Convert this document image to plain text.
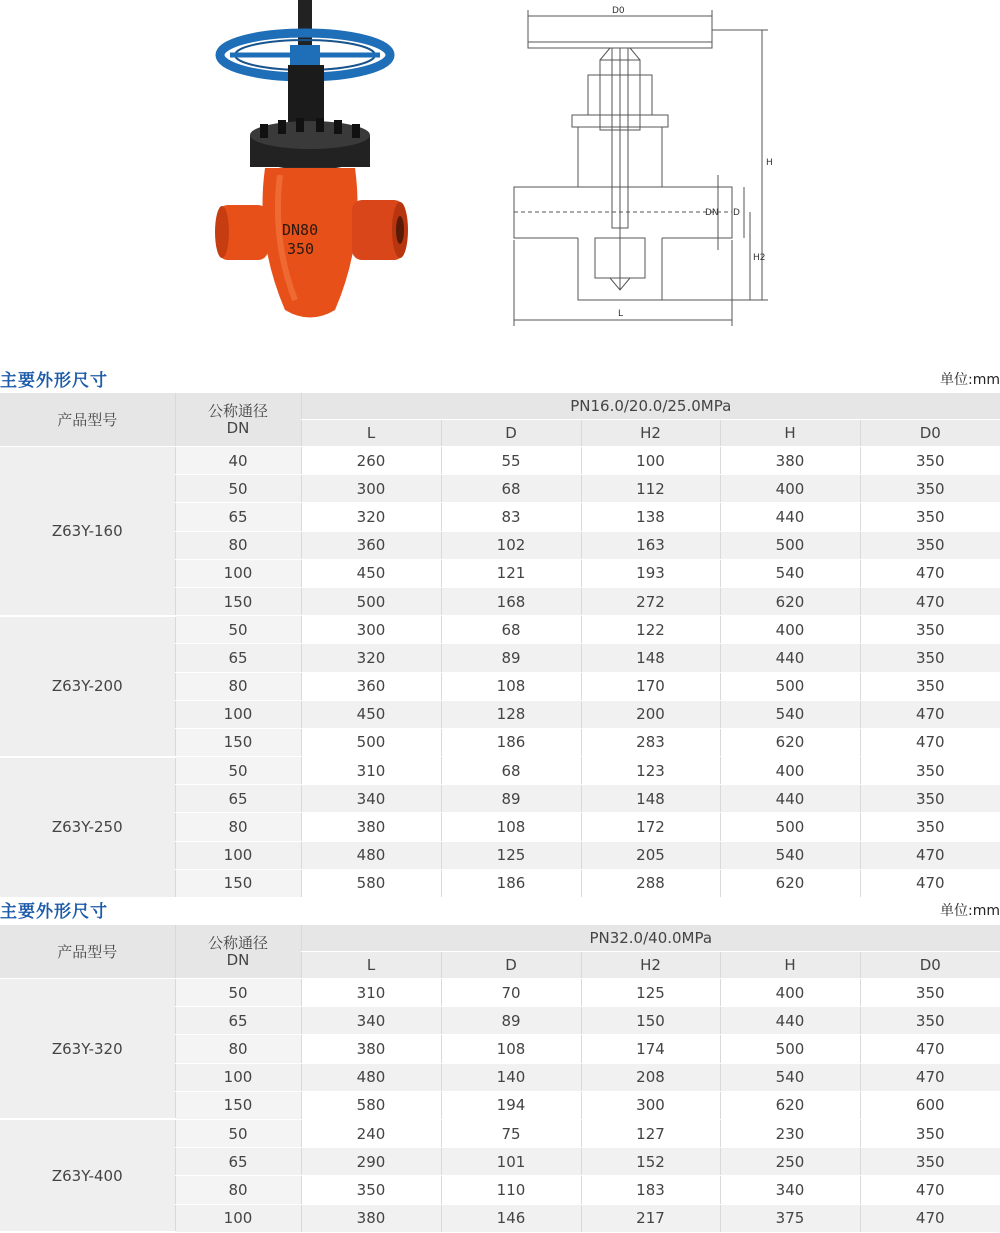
DN80
350
D0
H
DN D
H2
L
主要外形尺寸	单位:mm
产品型号	公称通径
DN	PN16.0/20.0/25.0MPa				
		L	D	H2	H	D0
Z63Y-160	40	260	55	100	380	350
	50	300	68	112	400	350
	65	320	83	138	440	350
	80	360	102	163	500	350
	100	450	121	193	540	470
	150	500	168	272	620	470
Z63Y-200	50	300	68	122	400	350
	65	320	89	148	440	350
	80	360	108	170	500	350
	100	450	128	200	540	470
	150	500	186	283	620	470
Z63Y-250	50	310	68	123	400	350
	65	340	89	148	440	350
	80	380	108	172	500	350
	100	480	125	205	540	470
	150	580	186	288	620	470
主要外形尺寸	单位:mm
产品型号	公称通径
DN	PN32.0/40.0MPa				
		L	D	H2	H	D0
Z63Y-320	50	310	70	125	400	350
	65	340	89	150	440	350
	80	380	108	174	500	470
	100	480	140	208	540	470
	150	580	194	300	620	600
Z63Y-400	50	240	75	127	230	350
	65	290	101	152	250	350
	80	350	110	183	340	470
	100	380	146	217	375	470
